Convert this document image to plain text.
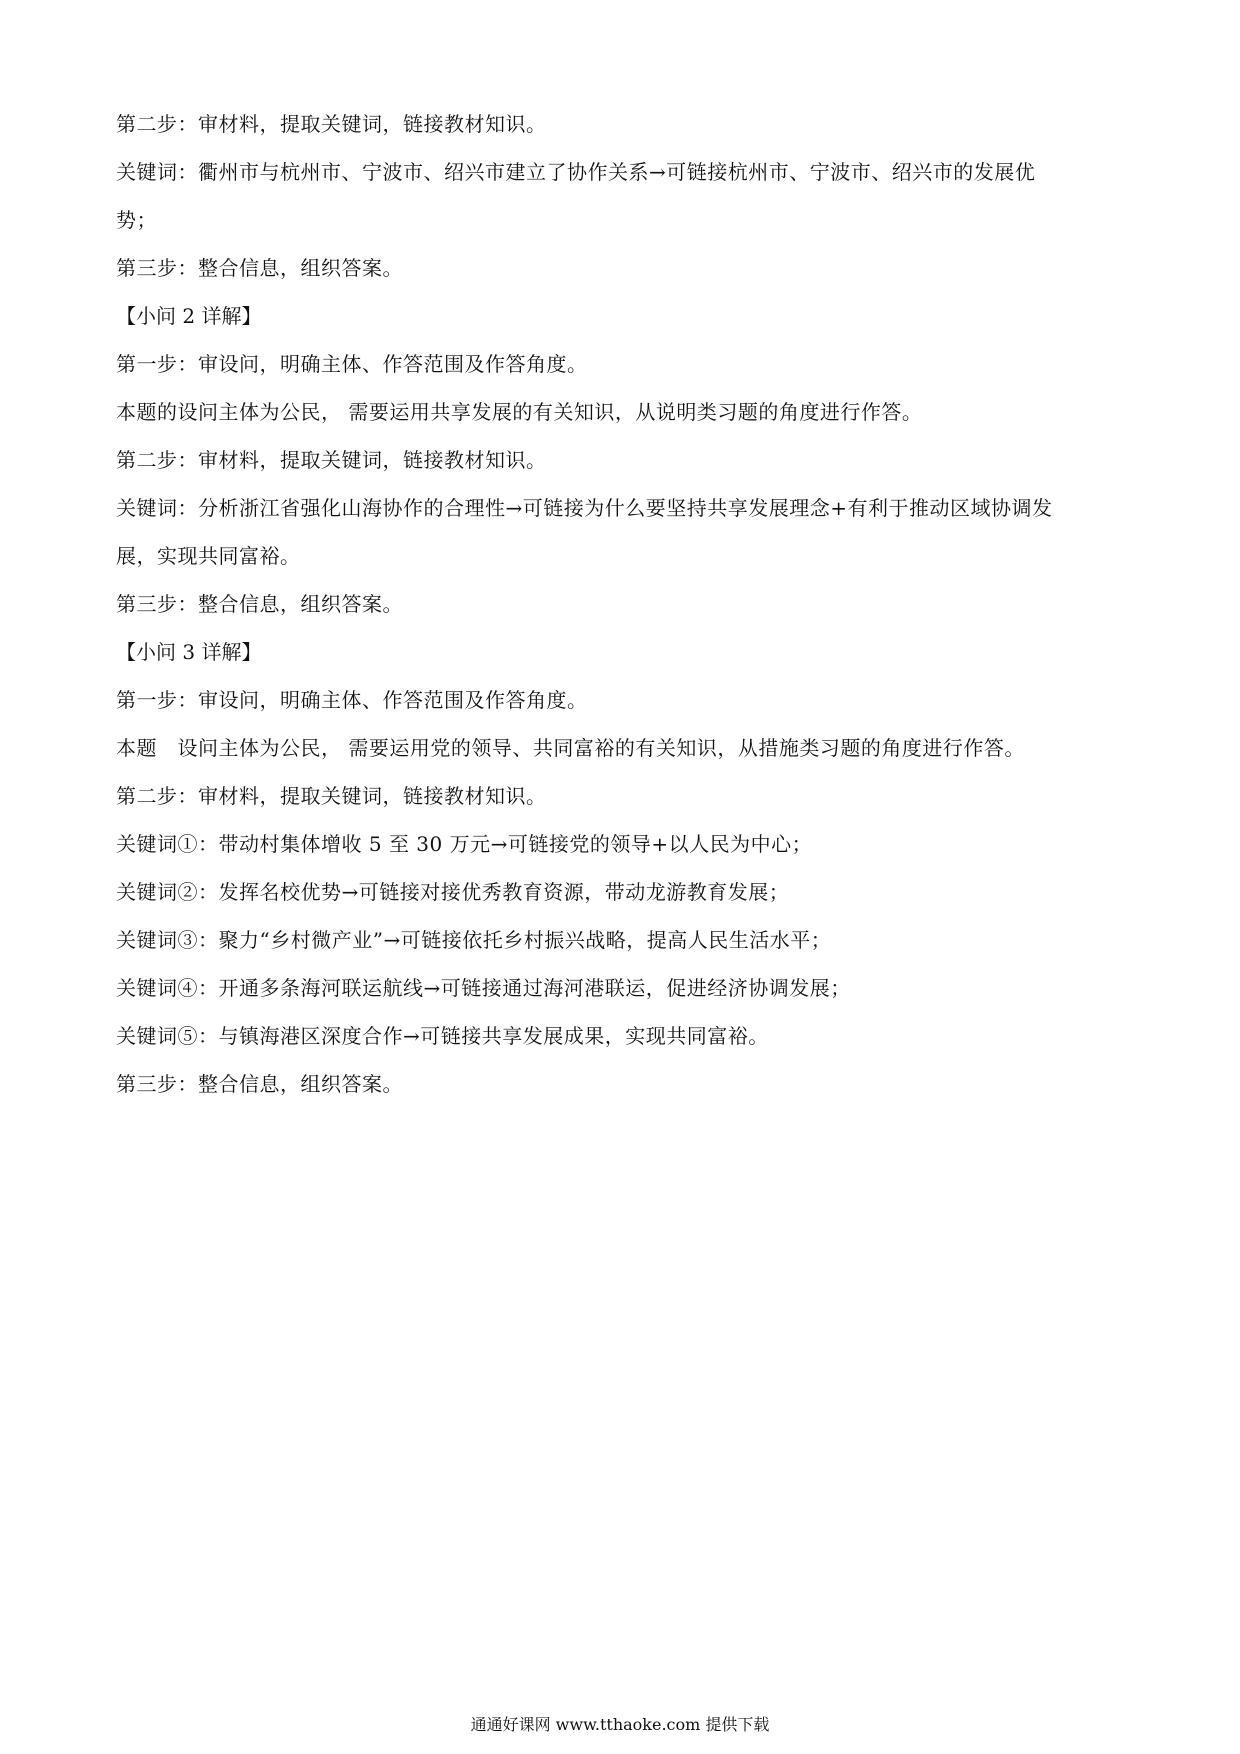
第二步：审材料，提取关键词，链接教材知识。
关键词：衢州市与杭州市、宁波市、绍兴市建立了协作关系→可链接杭州市、宁波市、绍兴市的发展优
势；
第三步：整合信息，组织答案。
【小问 2 详解】
第一步：审设问，明确主体、作答范围及作答角度。
本题的设问主体为公民， 需要运用共享发展的有关知识，从说明类习题的角度进行作答。
第二步：审材料，提取关键词，链接教材知识。
关键词：分析浙江省强化山海协作的合理性→可链接为什么要坚持共享发展理念+有利于推动区域协调发
展，实现共同富裕。
第三步：整合信息，组织答案。
【小问 3 详解】
第一步：审设问，明确主体、作答范围及作答角度。
本题　设问主体为公民， 需要运用党的领导、共同富裕的有关知识，从措施类习题的角度进行作答。
第二步：审材料，提取关键词，链接教材知识。
关键词①：带动村集体增收 5 至 30 万元→可链接党的领导+以人民为中心；
关键词②：发挥名校优势→可链接对接优秀教育资源，带动龙游教育发展；
关键词③：聚力“乡村微产业”→可链接依托乡村振兴战略，提高人民生活水平；
关键词④：开通多条海河联运航线→可链接通过海河港联运，促进经济协调发展；
关键词⑤：与镇海港区深度合作→可链接共享发展成果，实现共同富裕。
第三步：整合信息，组织答案。
通通好课网 www.tthaoke.com 提供下载
